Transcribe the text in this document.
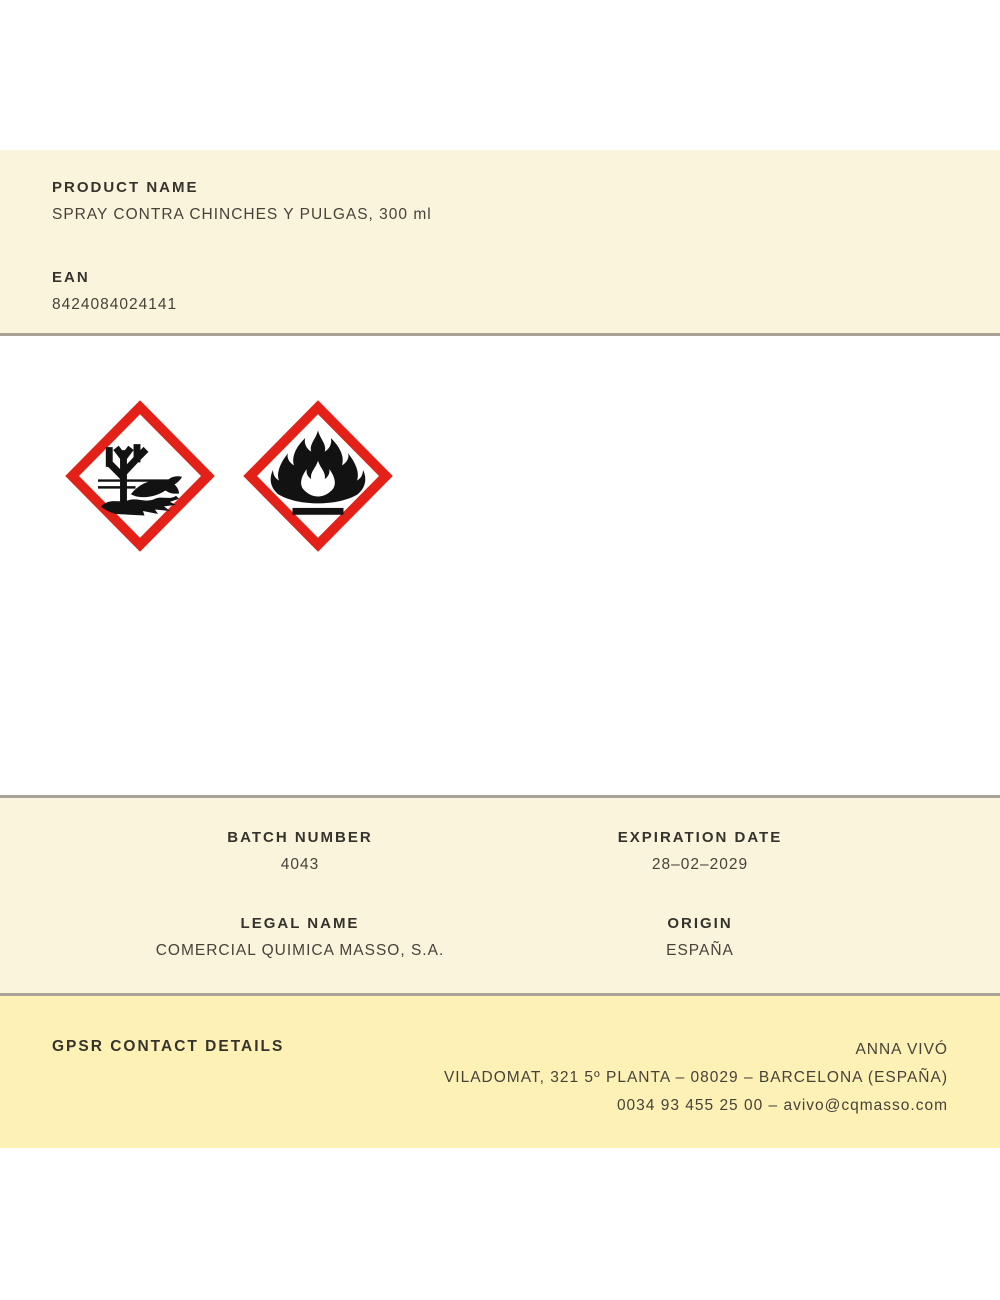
PRODUCT NAME
SPRAY CONTRA CHINCHES Y PULGAS, 300 ml
EAN
8424084024141
BATCH NUMBER
4043
EXPIRATION DATE
28–02–2029
LEGAL NAME
COMERCIAL QUIMICA MASSO, S.A.
ORIGIN
ESPAÑA
GPSR CONTACT DETAILS	ANNA VIVÓ
VILADOMAT, 321 5º PLANTA – 08029 – BARCELONA (ESPAÑA)
0034 93 455 25 00 – avivo@cqmasso.com
